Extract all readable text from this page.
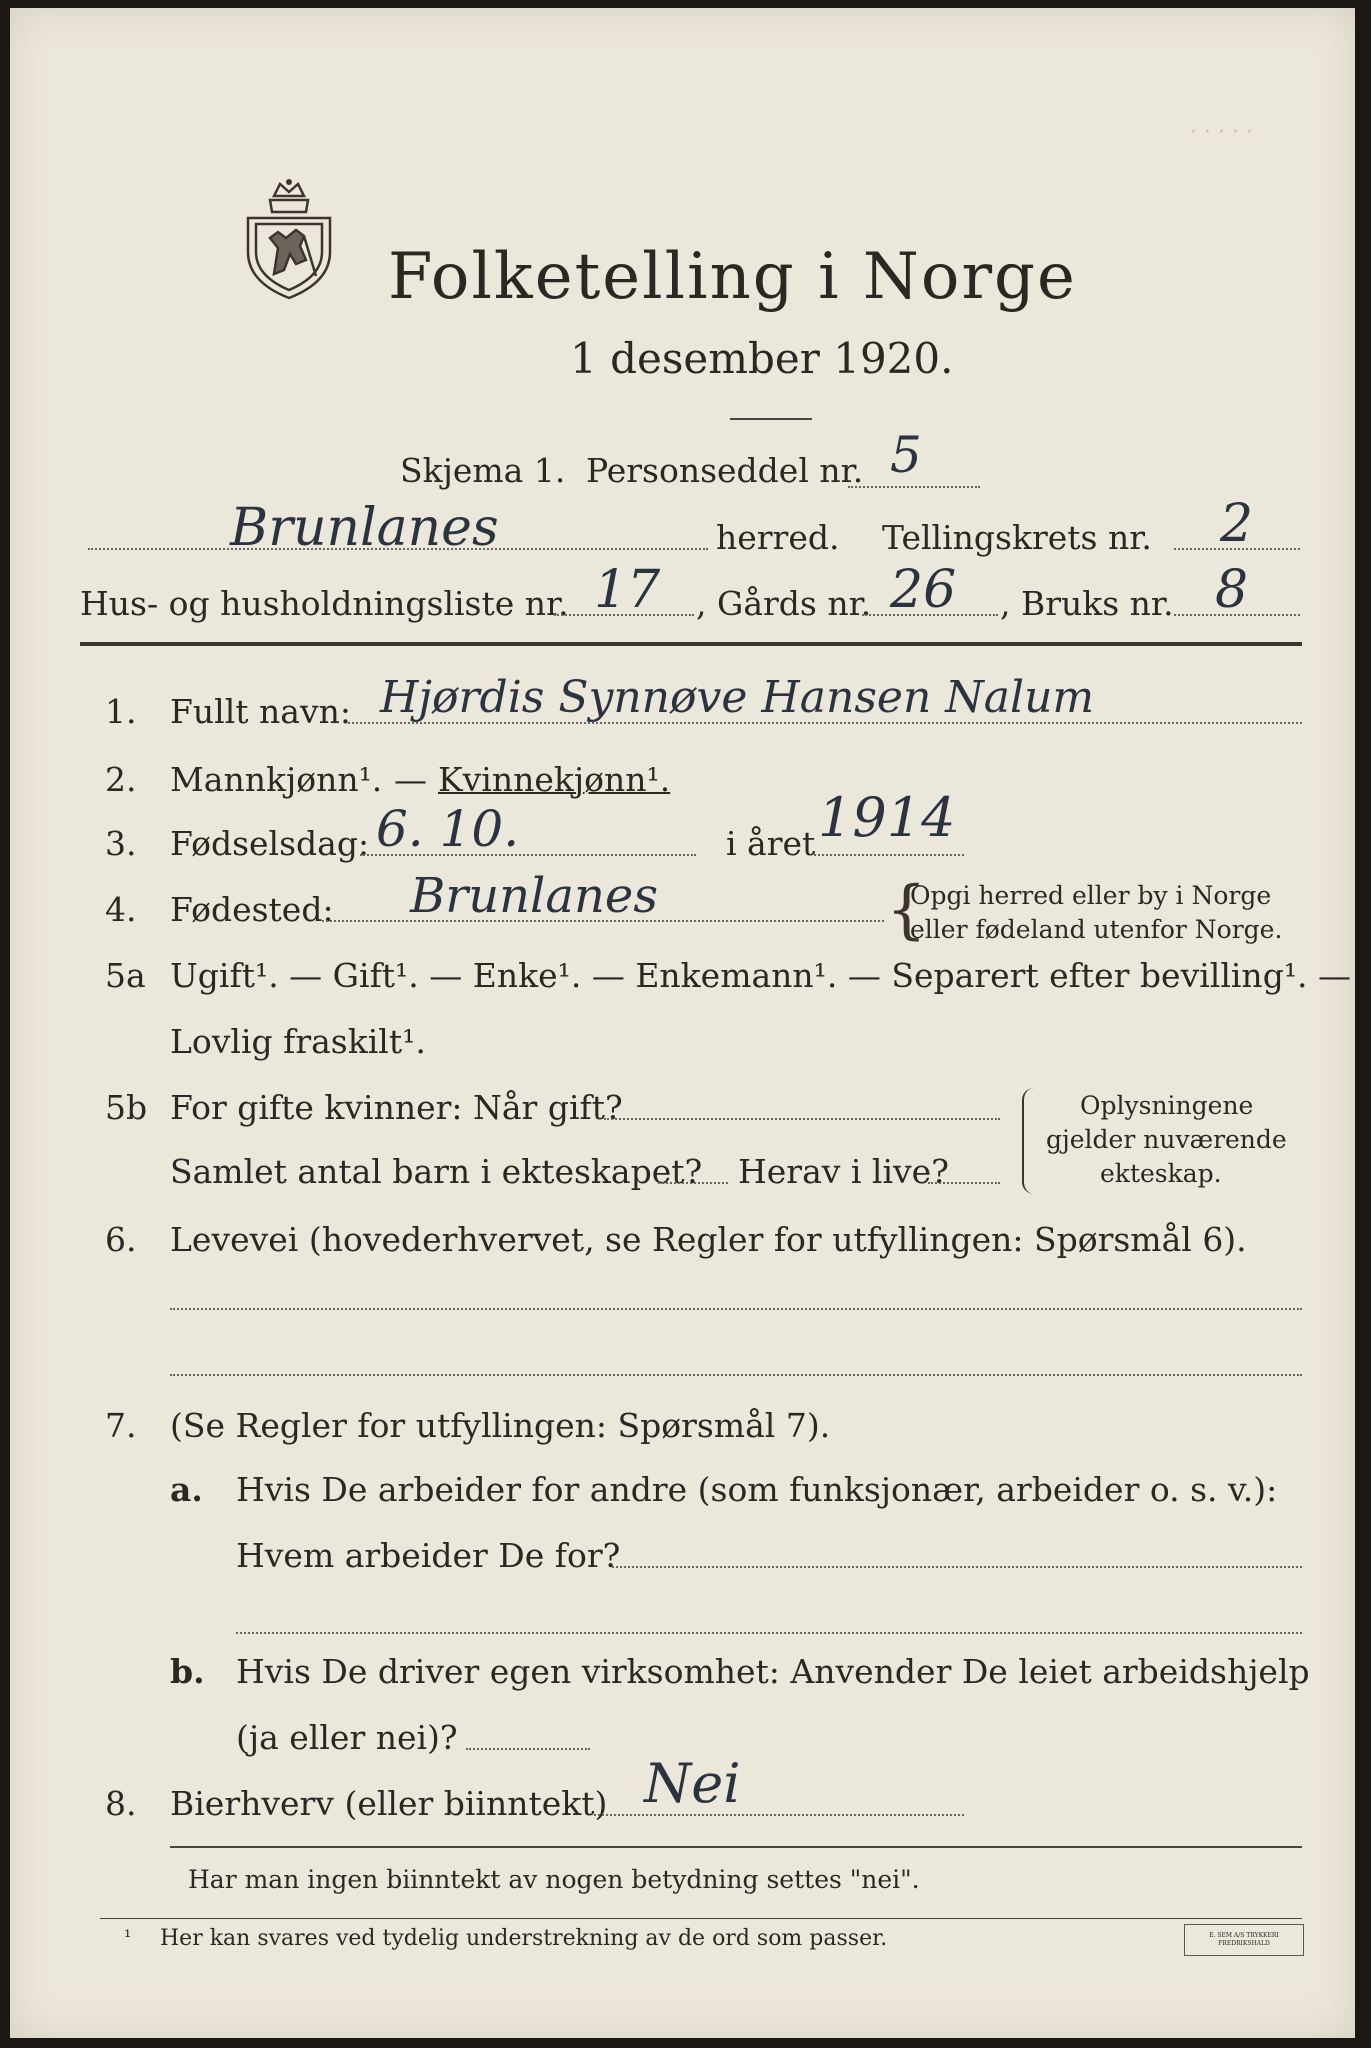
· · · · ·
Folketelling i Norge
1 desember 1920.
Skjema 1. Personseddel nr. 5
Brunlanes	herred. Tellingskrets nr. 2
Hus- og husholdningsliste nr. 17 , Gårds nr. 26 , Bruks nr. 8
1. Fullt navn: Hjørdis Synnøve Hansen Nalum
2. Mannkjønn¹. — Kvinnekjønn¹.
3. Fødselsdag: 6. 10.	i året 1914
4. Fødested: Brunlanes	{
Opgi herred eller by i Norge
eller fødeland utenfor Norge.
5a Ugift¹. — Gift¹. — Enke¹. — Enkemann¹. — Separert efter bevilling¹. —
Lovlig fraskilt¹.
5b For gifte kvinner: Når gift?
Samlet antal barn i ekteskapet? Herav i live?
Oplysningene
gjelder nuværende
ekteskap.
6. Levevei (hovederhvervet, se Regler for utfyllingen: Spørsmål 6).
7. (Se Regler for utfyllingen: Spørsmål 7).
a. Hvis De arbeider for andre (som funksjonær, arbeider o. s. v.):
Hvem arbeider De for?
b. Hvis De driver egen virksomhet: Anvender De leiet arbeidshjelp
(ja eller nei)?
8. Bierhverv (eller biinntekt) Nei
Har man ingen biinntekt av nogen betydning settes "nei".
¹ Her kan svares ved tydelig understrekning av de ord som passer.	E. SEM A/S TRYKKERI FREDRIKSHALD
